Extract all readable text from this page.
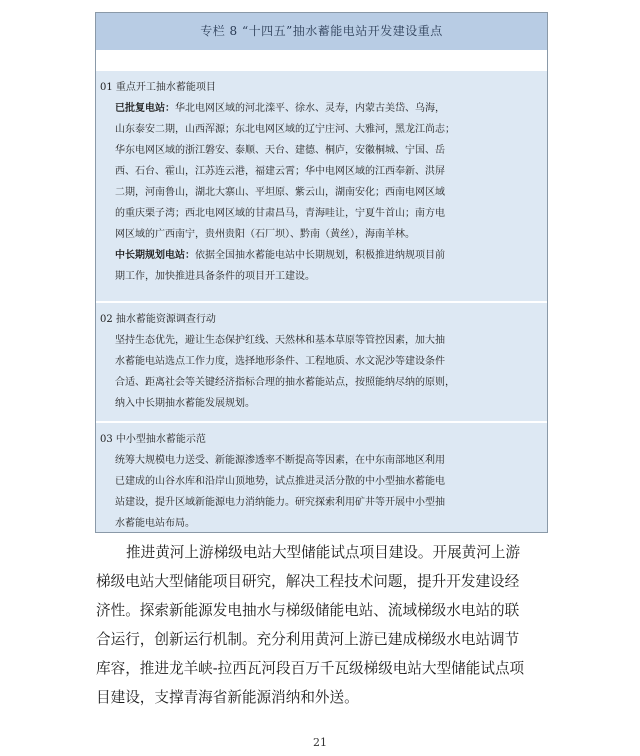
专栏 8 “十四五”抽水蓄能电站开发建设重点
01 重点开工抽水蓄能项目
已批复电站：华北电网区域的河北滦平、徐水、灵寿，内蒙古美岱、乌海，
山东泰安二期，山西浑源；东北电网区域的辽宁庄河、大雅河，黑龙江尚志；
华东电网区域的浙江磐安、泰顺、天台、建德、桐庐，安徽桐城、宁国、岳
西、石台、霍山，江苏连云港，福建云霄；华中电网区域的江西奉新、洪屏
二期，河南鲁山，湖北大寨山、平坦原、紫云山，湖南安化；西南电网区域
的重庆栗子湾；西北电网区域的甘肃昌马，青海哇让，宁夏牛首山；南方电
网区域的广西南宁，贵州贵阳（石厂坝）、黔南（黄丝），海南羊林。
中长期规划电站：依据全国抽水蓄能电站中长期规划，积极推进纳规项目前
期工作，加快推进具备条件的项目开工建设。
02 抽水蓄能资源调查行动
坚持生态优先，避让生态保护红线、天然林和基本草原等管控因素，加大抽
水蓄能电站选点工作力度，选择地形条件、工程地质、水文泥沙等建设条件
合适、距离社会等关键经济指标合理的抽水蓄能站点，按照能纳尽纳的原则，
纳入中长期抽水蓄能发展规划。
03 中小型抽水蓄能示范
统筹大规模电力送受、新能源渗透率不断提高等因素，在中东南部地区利用
已建成的山谷水库和沿岸山顶地势，试点推进灵活分散的中小型抽水蓄能电
站建设，提升区域新能源电力消纳能力。研究探索利用矿井等开展中小型抽
水蓄能电站布局。
推进黄河上游梯级电站大型储能试点项目建设。开展黄河上游
梯级电站大型储能项目研究，解决工程技术问题，提升开发建设经
济性。探索新能源发电抽水与梯级储能电站、流域梯级水电站的联
合运行，创新运行机制。充分利用黄河上游已建成梯级水电站调节
库容，推进龙羊峡-拉西瓦河段百万千瓦级梯级电站大型储能试点项
目建设，支撑青海省新能源消纳和外送。
21
